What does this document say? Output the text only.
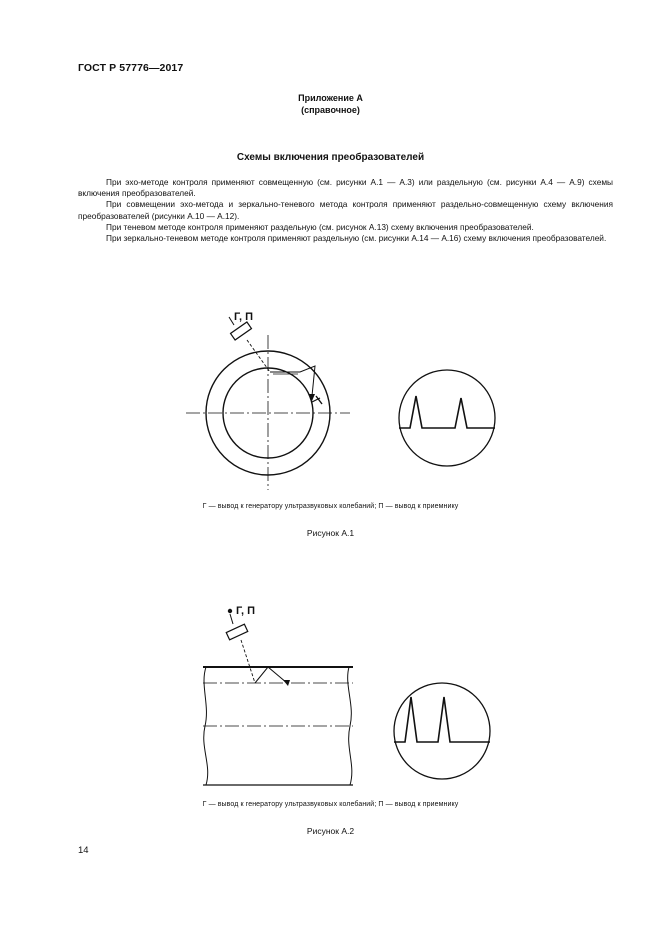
ГОСТ Р 57776—2017
Приложение А
(справочное)
Схемы включения преобразователей

При эхо-методе контроля применяют совмещенную (см. рисунки А.1 — А.3) или раздельную (см. рисунки А.4 — А.9) схемы включения преобразователей.

При совмещении эхо-метода и зеркально-теневого метода контроля применяют раздельно-совмещенную схему включения преобразователей (рисунки А.10 — А.12).

При теневом методе контроля применяют раздельную (см. рисунок А.13) схему включения преобразователей.

При зеркально-теневом методе контроля применяют раздельную (см. рисунки А.14 — А.16) схему включения преобразователей.

Г, П
Г, П
Г — вывод к генератору ультразвуковых колебаний; П — вывод к приемнику
Рисунок А.1
Г — вывод к генератору ультразвуковых колебаний; П — вывод к приемнику
Рисунок А.2
14
